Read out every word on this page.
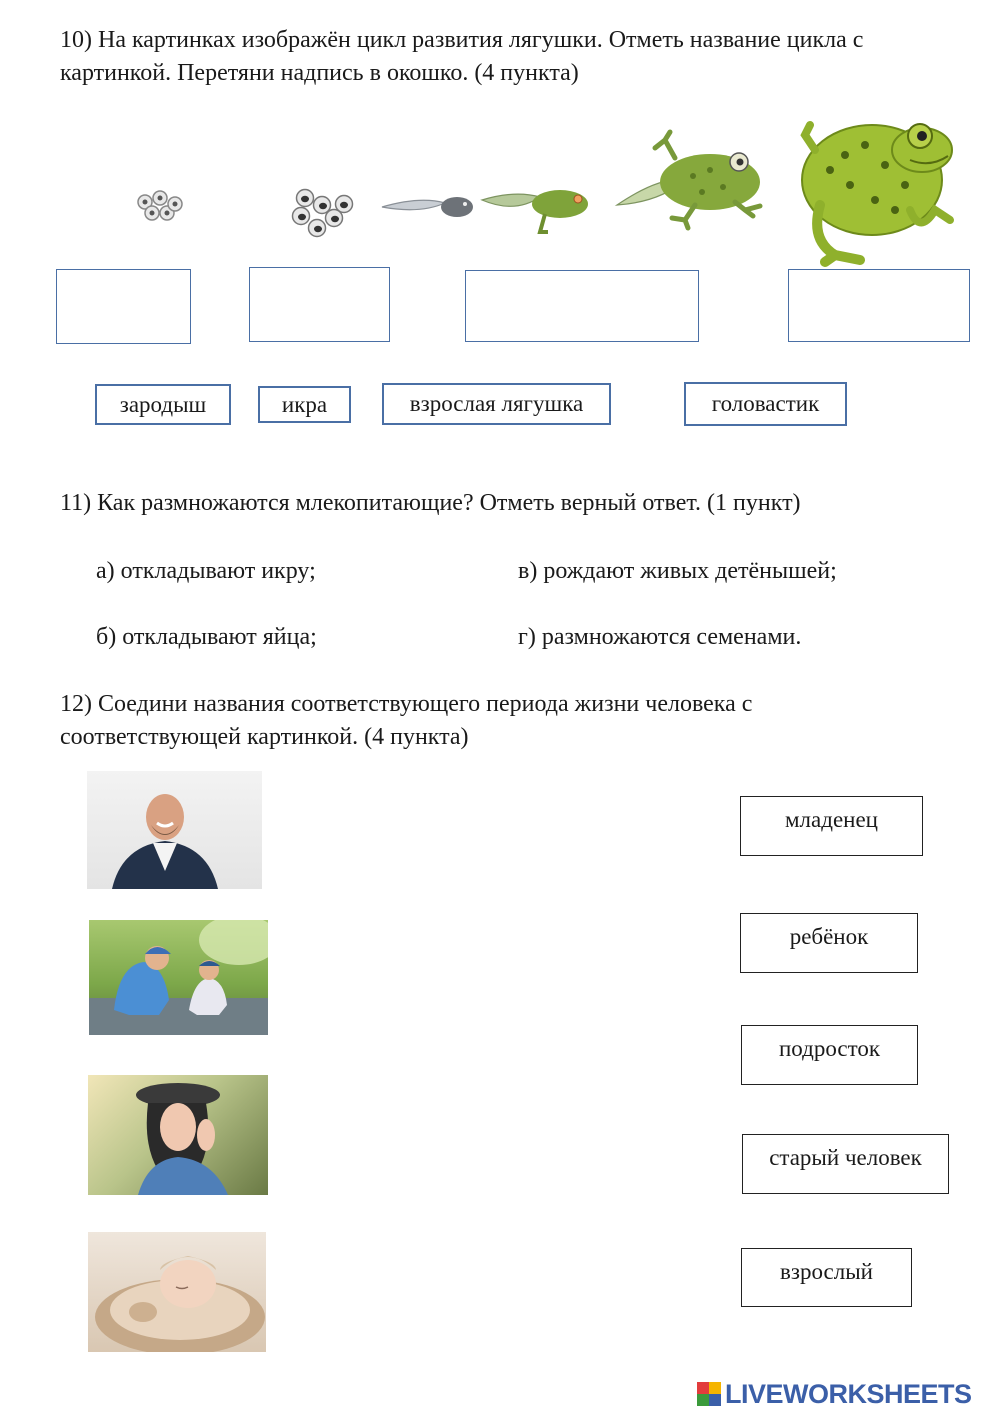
10) На картинках изображён цикл развития лягушки. Отметь название цикла с картинкой. Перетяни надпись в окошко. (4 пункта)
зародыш	икра	взрослая лягушка	головастик
11) Как размножаются млекопитающие? Отметь верный ответ. (1 пункт)
а) откладывают икру;
б) откладывают яйца;
в) рождают живых детёнышей;
г) размножаются семенами.
12) Соедини названия соответствующего периода жизни человека с соответствующей картинкой. (4 пункта)
младенец
ребёнок
подросток
старый человек
взрослый
LIVEWORKSHEETS
